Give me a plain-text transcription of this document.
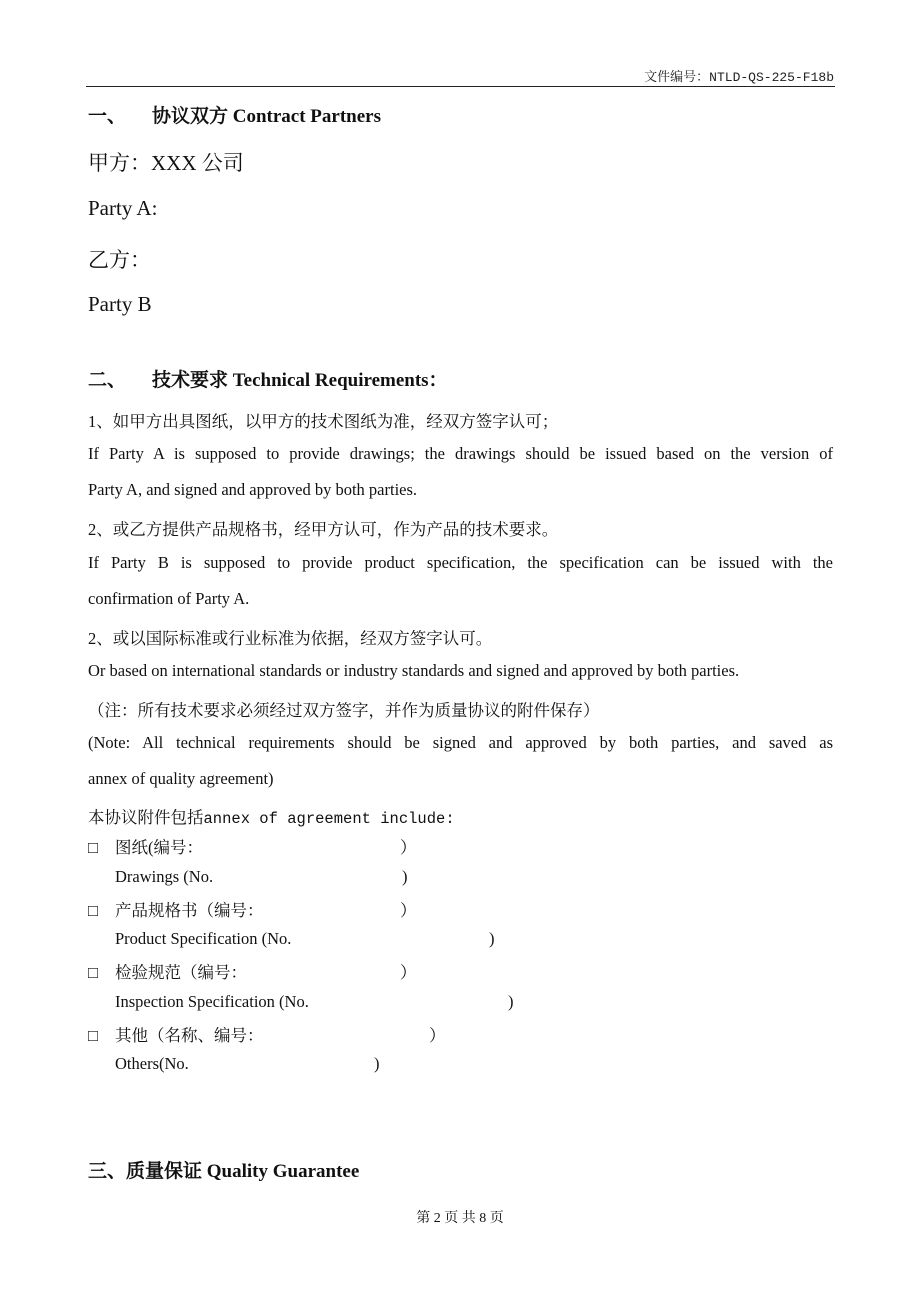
文件编号：NTLD-QS-225-F18b
一、 协议双方 Contract Partners
甲方：XXX 公司
Party A:
乙方：
Party B
二、 技术要求 Technical Requirements：
1、如甲方出具图纸，以甲方的技术图纸为准，经双方签字认可；
If Party A is supposed to provide drawings; the drawings should be issued based on the version of
Party A, and signed and approved by both parties.
2、或乙方提供产品规格书，经甲方认可，作为产品的技术要求。
If Party B is supposed to provide product specification, the specification can be issued with the
confirmation of Party A.
2、或以国际标准或行业标准为依据，经双方签字认可。
Or based on international standards or industry standards and signed and approved by both parties.
（注：所有技术要求必须经过双方签字，并作为质量协议的附件保存）
(Note: All technical requirements should be signed and approved by both parties, and saved as
annex of quality agreement)
本协议附件包括annex of agreement include:
□ 图纸(编号：	）
Drawings (No.	)
□ 产品规格书（编号：	）
Product Specification (No.	)
□ 检验规范（编号：	）
Inspection Specification (No.	)
□ 其他（名称、编号：	）
Others(No.	)
三、质量保证 Quality Guarantee
第 2 页 共 8 页
